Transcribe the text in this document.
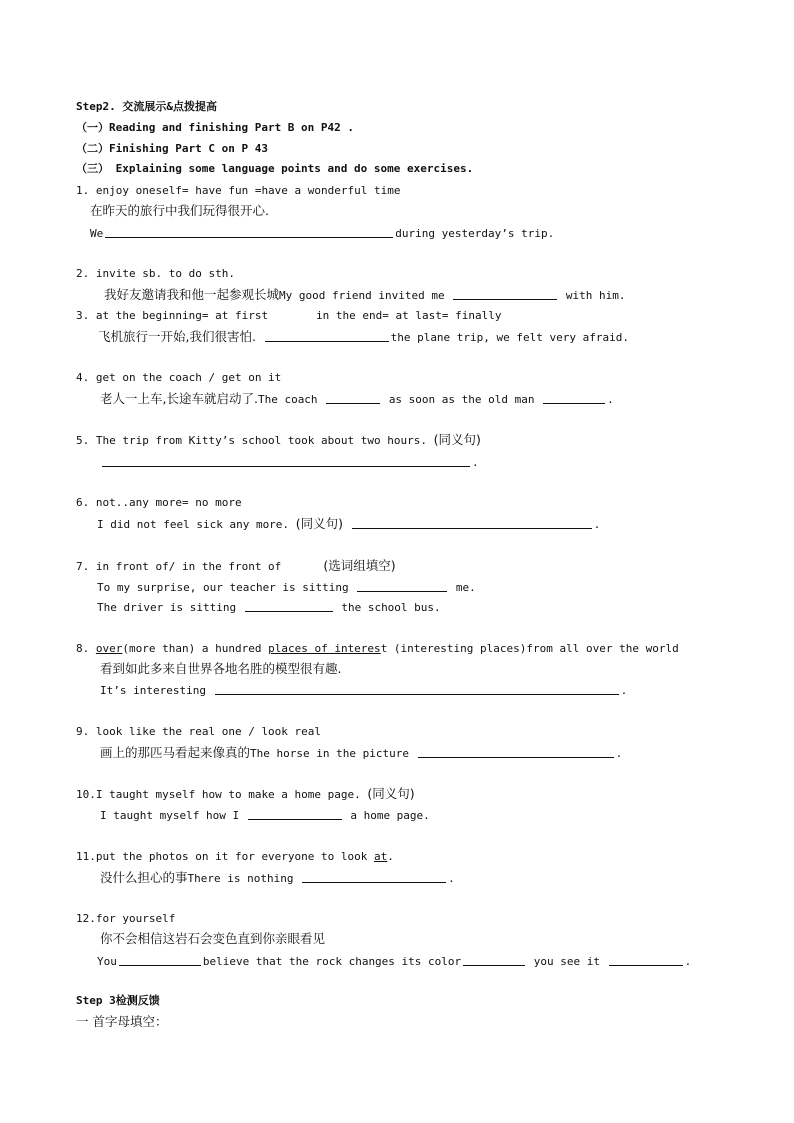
Step2. 交流展示&点拨提高
（一）Reading and finishing Part B on P42 .
（二）Finishing Part C on P 43
（三） Explaining some language points and do some exercises.
1. enjoy oneself= have fun =have a wonderful time
在昨天的旅行中我们玩得很开心.
We	during yesterday’s trip.
2. invite sb. to do sth.
我好友邀请我和他一起参观长城My good friend invited me	with him.
3. at the beginning= at first	in the end= at last= finally
飞机旅行一开始,我们很害怕.	the plane trip, we felt very afraid.
4. get on the coach / get on it
老人一上车,长途车就启动了.The coach	as soon as the old man	.
5. The trip from Kitty’s school took about two hours. (同义句)
.
6. not..any more= no more
I did not feel sick any more. (同义句)	.
7. in front of/ in the front of	(选词组填空)
To my surprise, our teacher is sitting	me.
The driver is sitting	the school bus.
8. over(more than) a hundred places of interest (interesting places)from all over the world
看到如此多来自世界各地名胜的模型很有趣.
It’s interesting	.
9. look like the real one / look real
画上的那匹马看起来像真的The horse in the picture	.
10.I taught myself how to make a home page. (同义句)
I taught myself how I	a home page.
11.put the photos on it for everyone to look at.
没什么担心的事There is nothing	.
12.for yourself
你不会相信这岩石会变色直到你亲眼看见
You	believe that the rock changes its color	you see it	.
Step 3检测反馈
一 首字母填空：
